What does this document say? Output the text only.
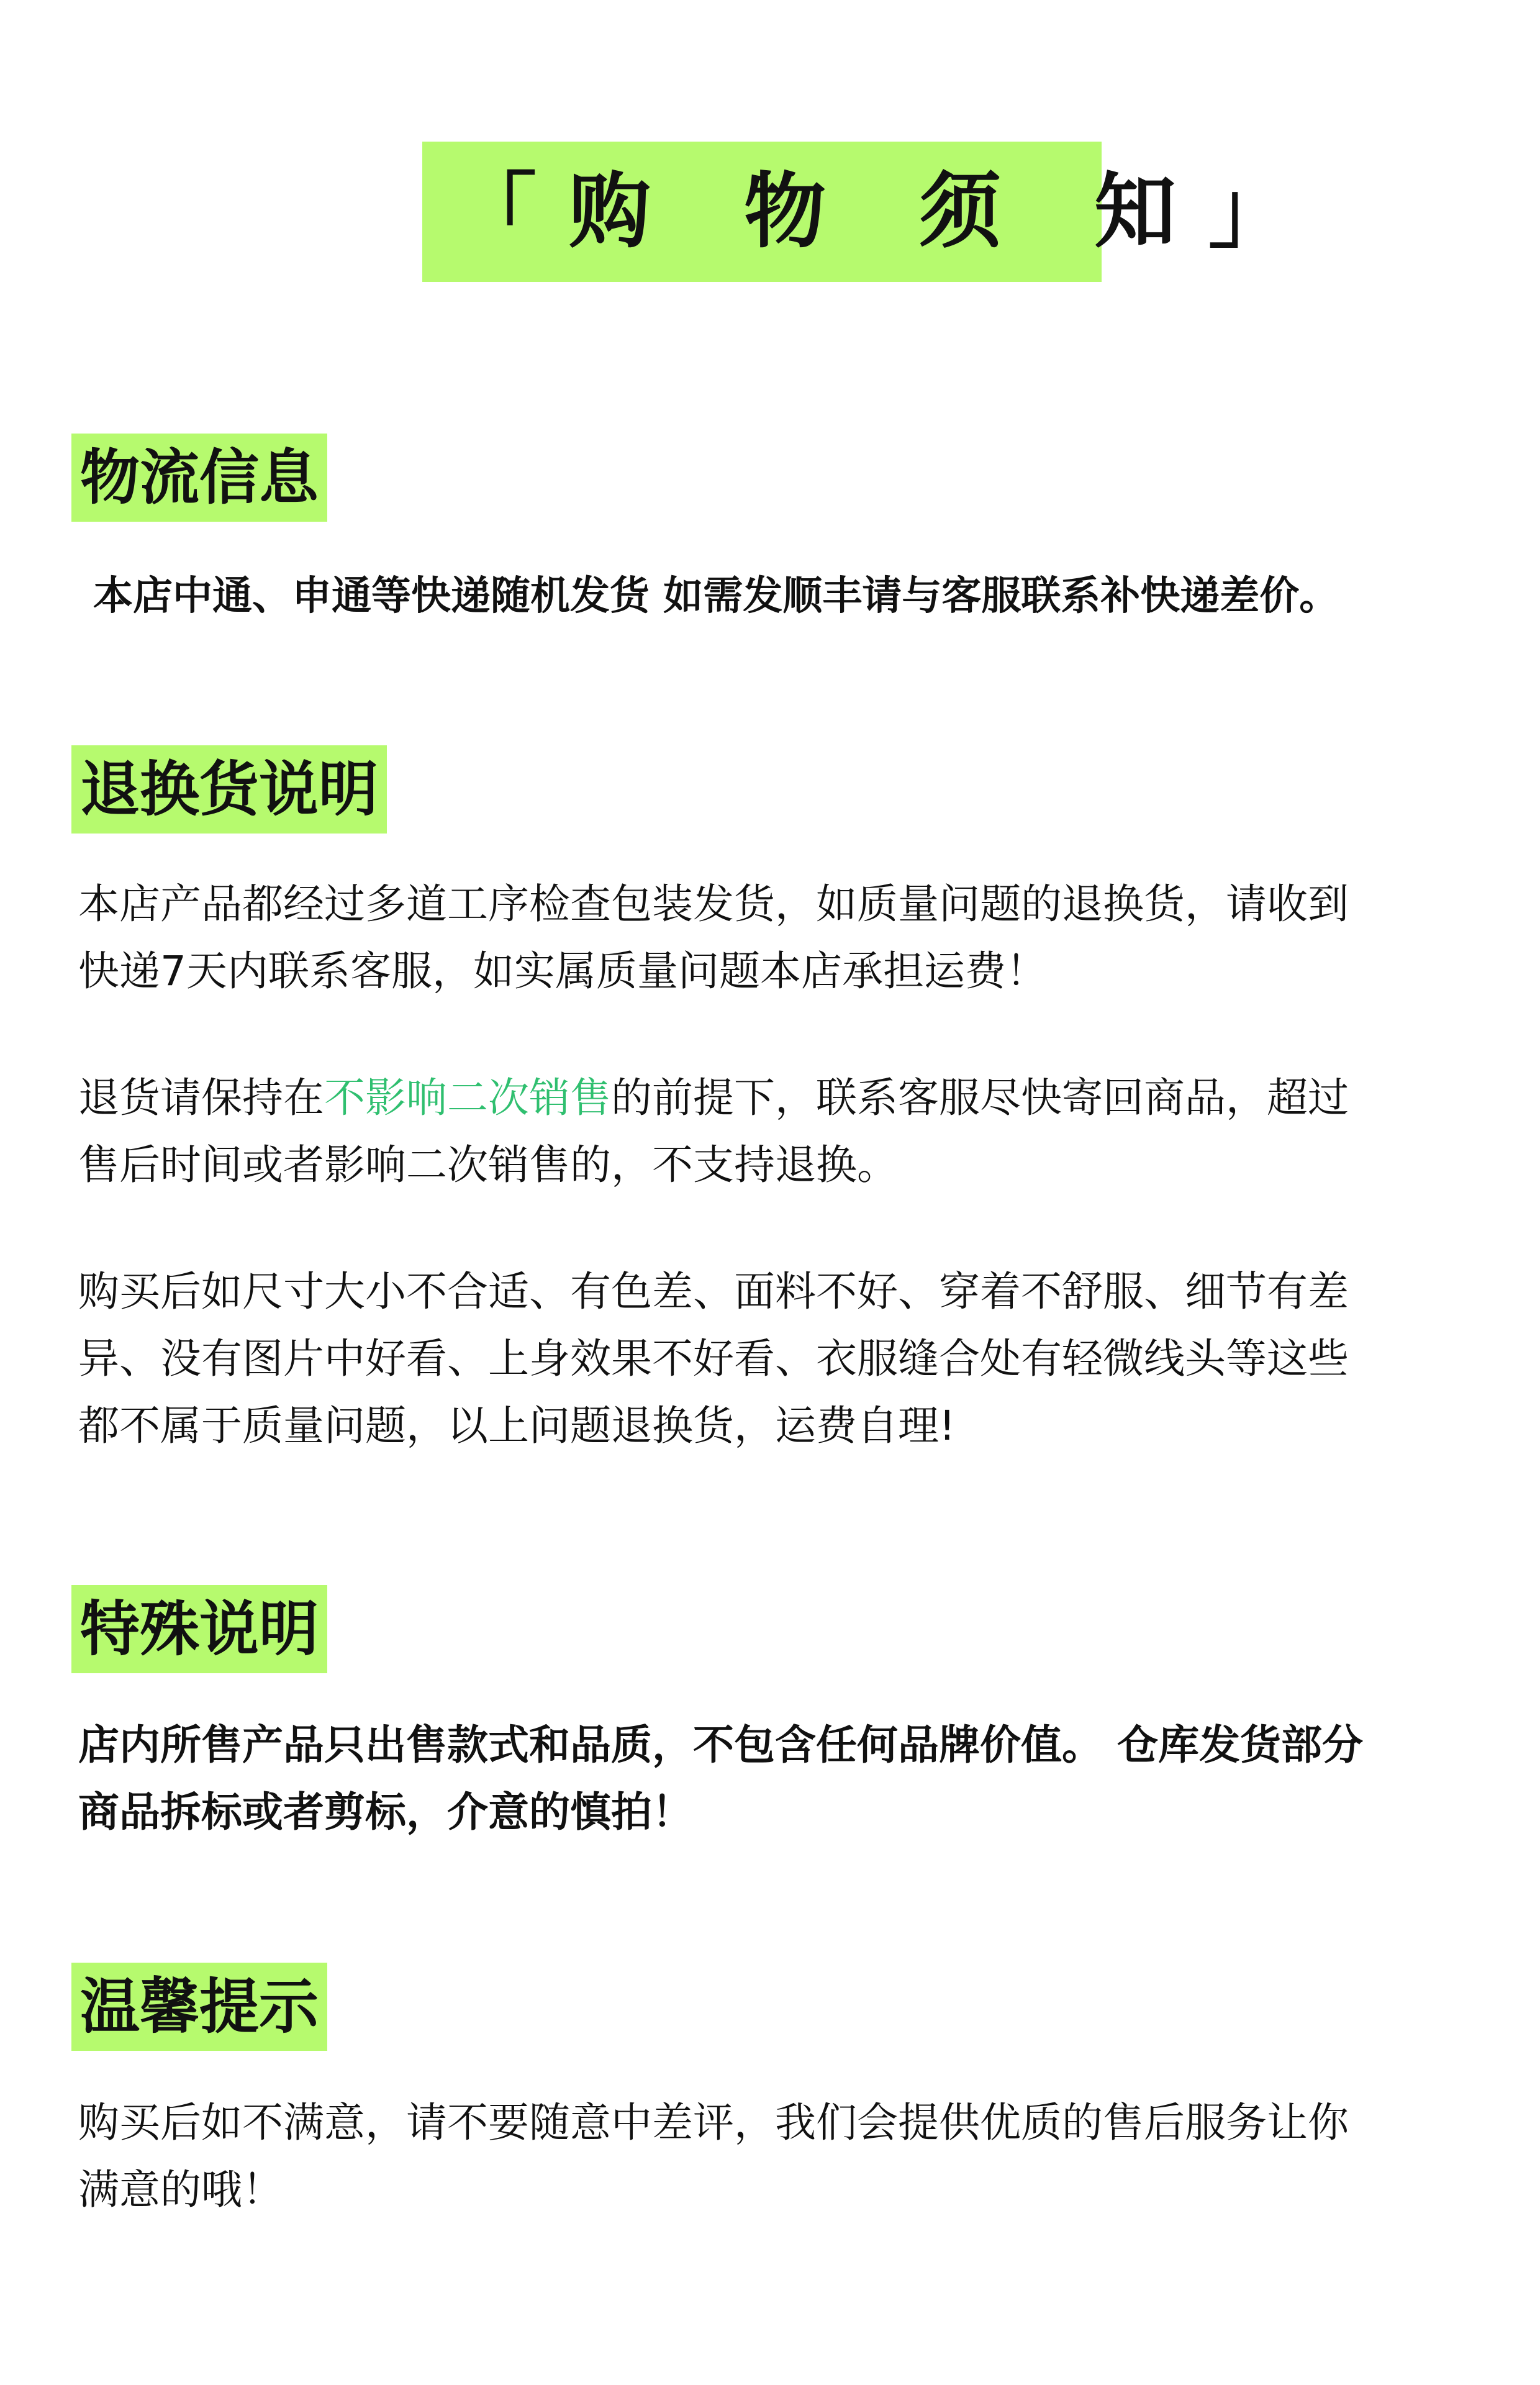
「购 物 须 知」
物流信息

本店中通、申通等快递随机发货 如需发顺丰请与客服联系补快递差价。

退换货说明

本店产品都经过多道工序检查包装发货，如质量问题的退换货，请收到
快递7天内联系客服，如实属质量问题本店承担运费！

退货请保持在不影响二次销售的前提下，联系客服尽快寄回商品，超过
售后时间或者影响二次销售的，不支持退换。

购买后如尺寸大小不合适、有色差、面料不好、穿着不舒服、细节有差
异、没有图片中好看、上身效果不好看、衣服缝合处有轻微线头等这些
都不属于质量问题，以上问题退换货，运费自理!

特殊说明

店内所售产品只出售款式和品质，不包含任何品牌价值。 仓库发货部分
商品拆标或者剪标，介意的慎拍！

温馨提示

购买后如不满意，请不要随意中差评，我们会提供优质的售后服务让你
满意的哦！
